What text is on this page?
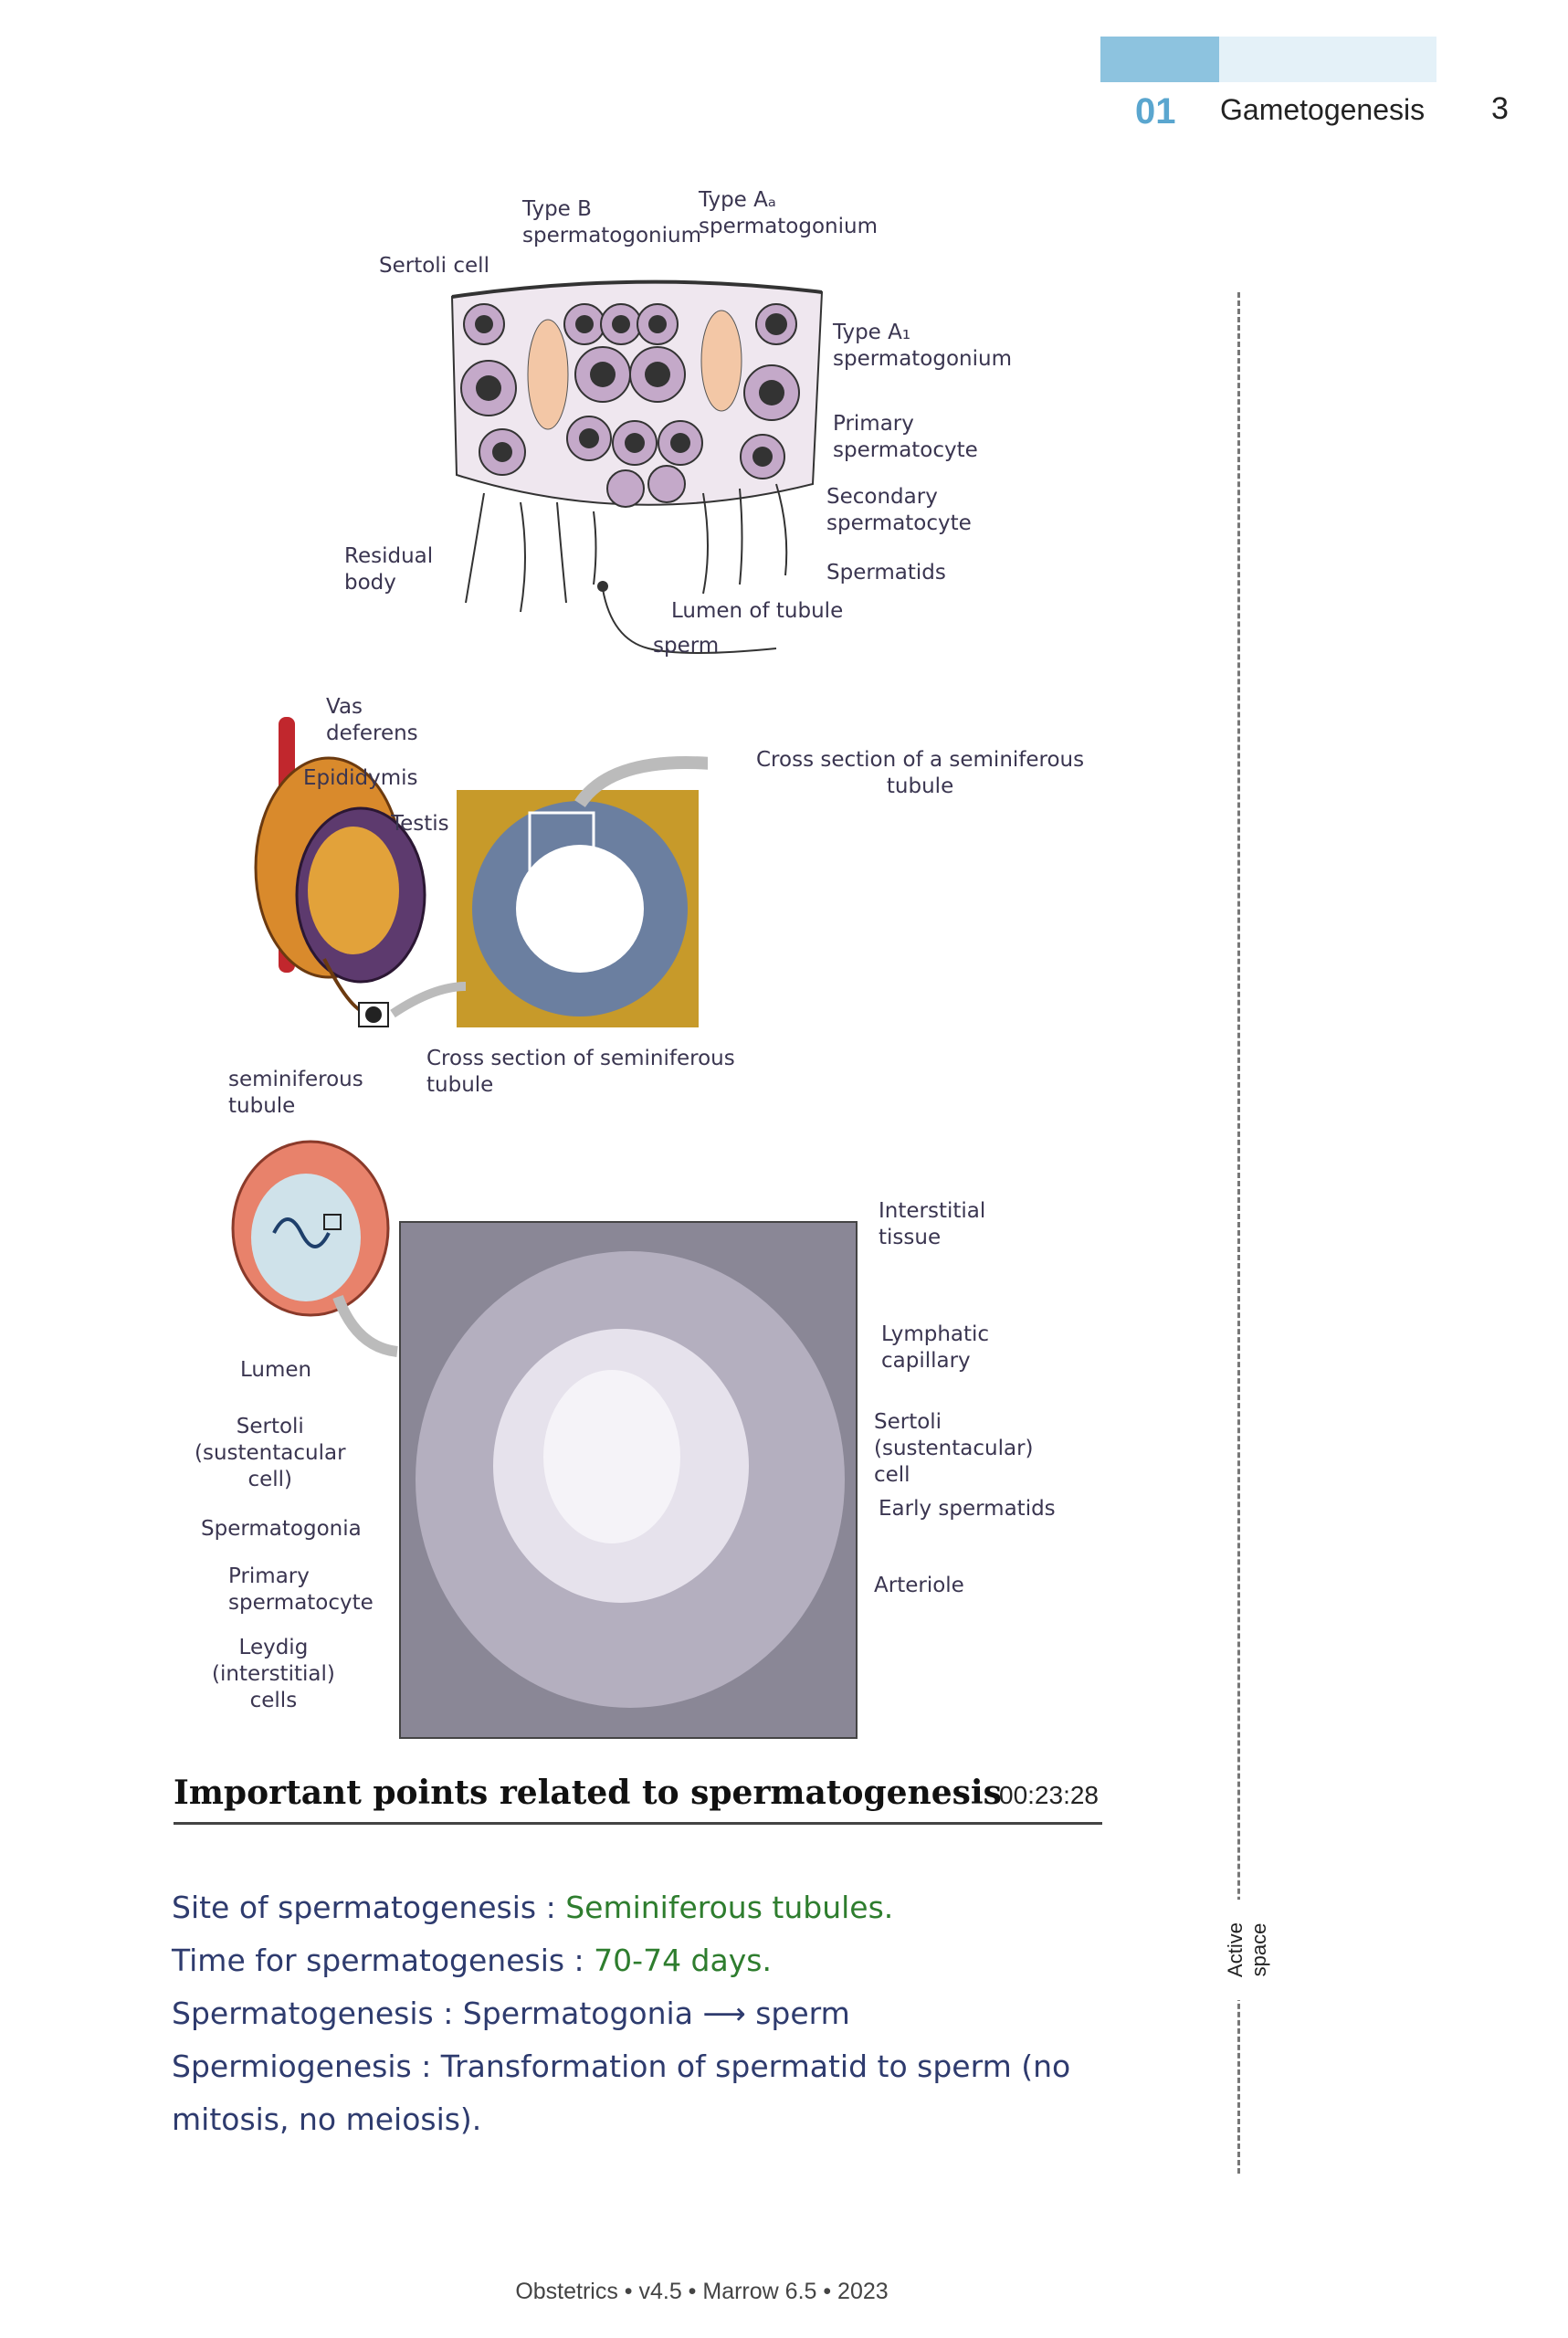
01 Gametogenesis 3
Active space
Type B
spermatogonium
Type Aₐ
spermatogonium
Sertoli cell
Type A₁
spermatogonium
Primary
spermatocyte
Secondary
spermatocyte
Spermatids
Residual
body
Lumen of tubule
sperm
Vas
deferens
Epididymis
Testis
Cross section of a seminiferous
tubule
Cross section of seminiferous
tubule
seminiferous
tubule
Interstitial
tissue
Lymphatic
capillary
Sertoli
(sustentacular)
cell
Early spermatids
Arteriole
Lumen
Sertoli
(sustentacular
cell)
Spermatogonia
Primary
spermatocyte
Leydig
(interstitial)
cells
Important points related to spermatogenesis
00:23:28
Site of spermatogenesis : Seminiferous tubules.
Time for spermatogenesis : 70-74 days.
Spermatogenesis : Spermatogonia ⟶ sperm
Spermiogenesis : Transformation of spermatid to sperm (no mitosis, no meiosis).
Obstetrics • v4.5 • Marrow 6.5 • 2023
